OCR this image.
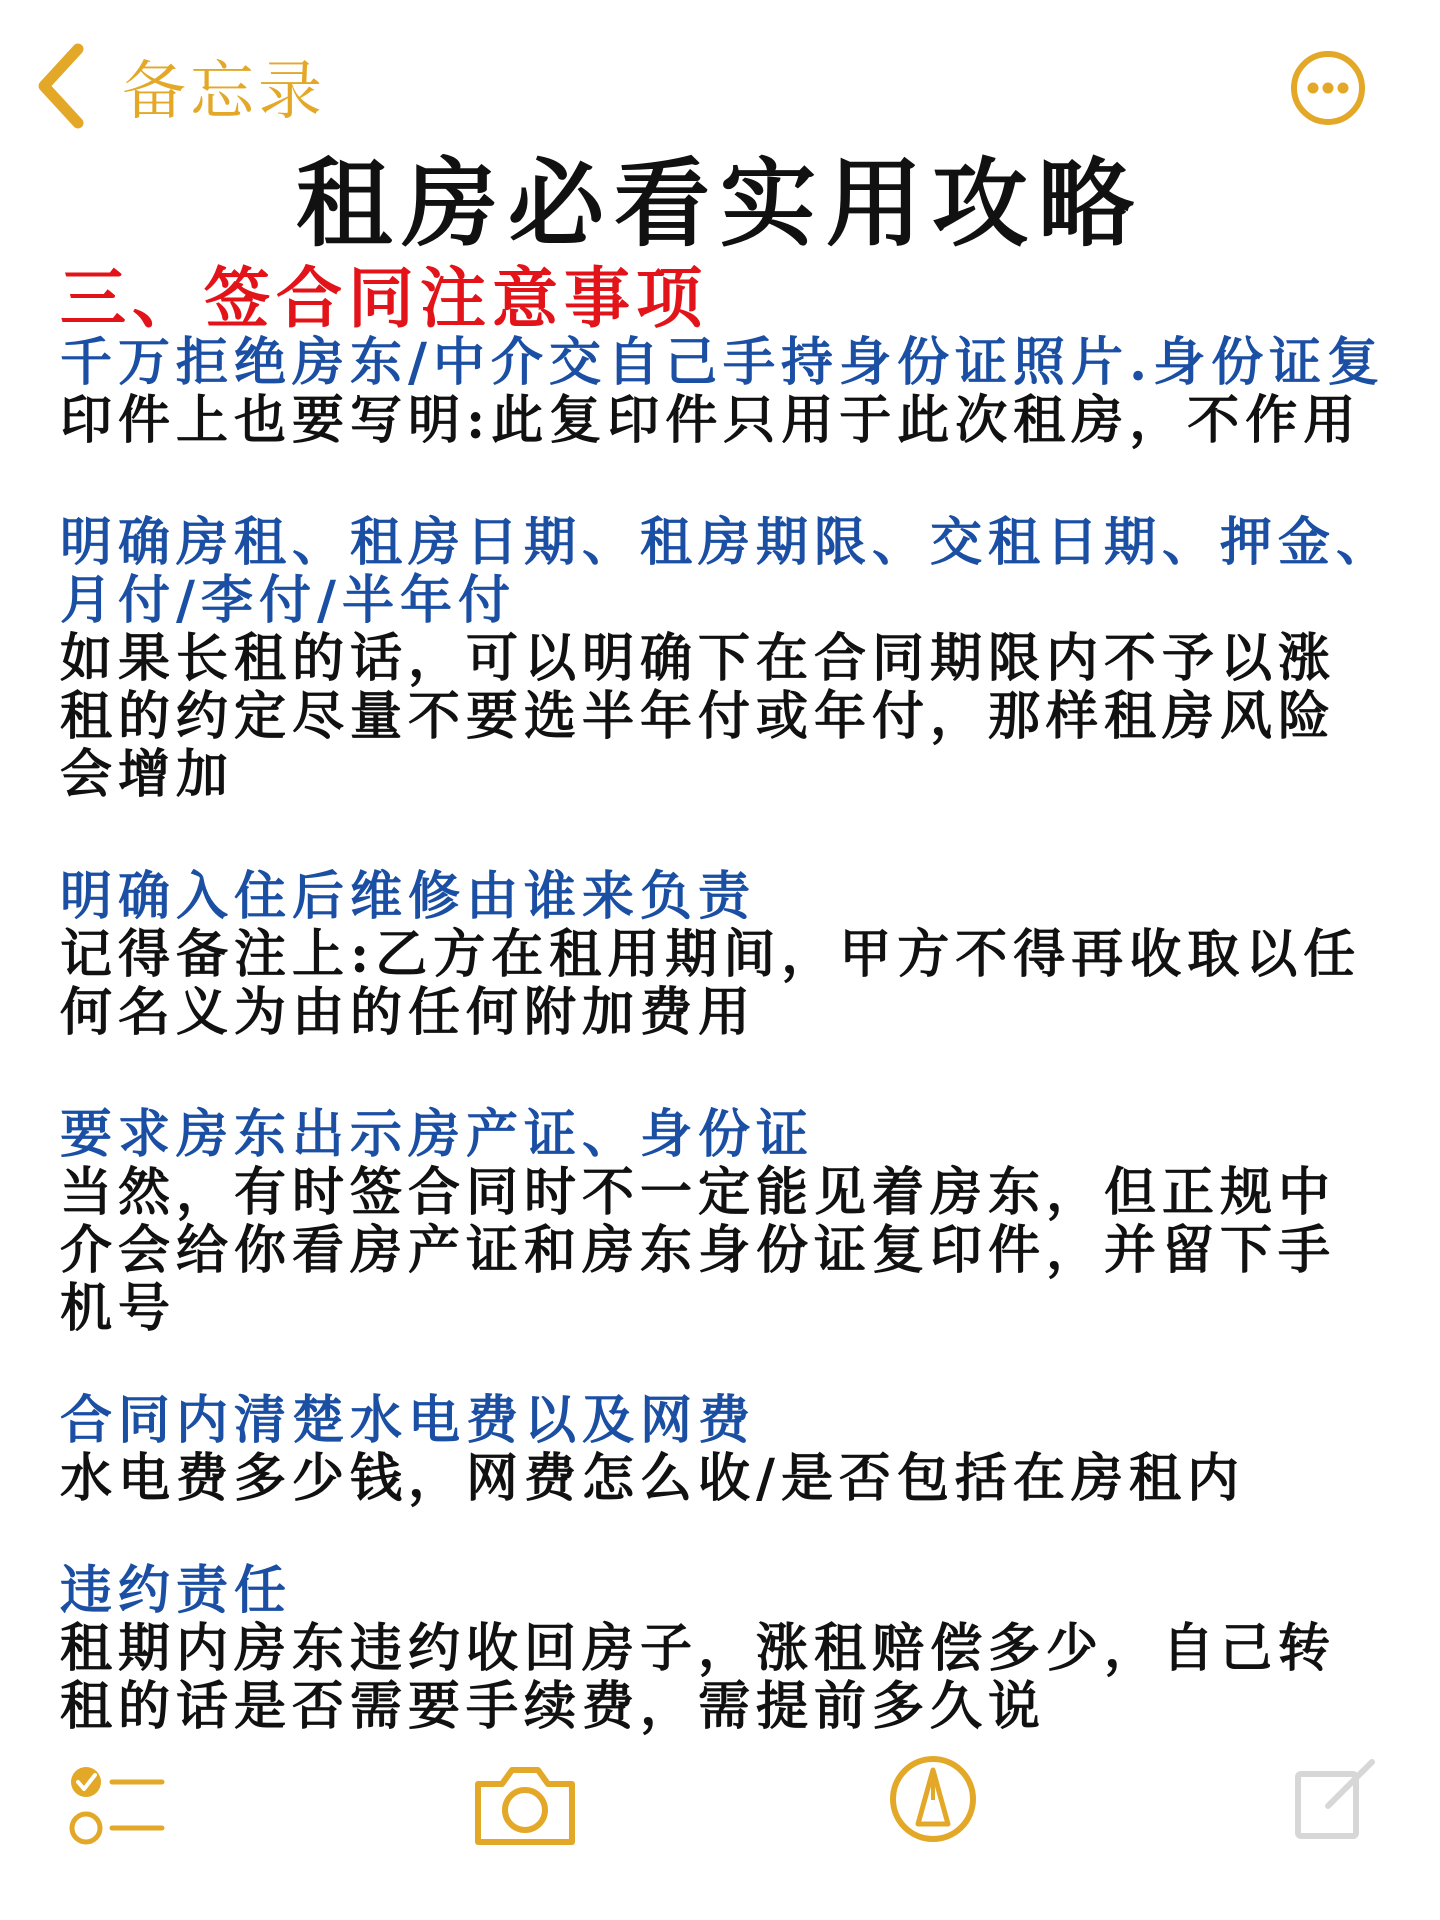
备忘录
租房必看实用攻略
三、签合同注意事项
千万拒绝房东/中介交自己手持身份证照片.身份证复
印件上也要写明:此复印件只用于此次租房，不作用
明确房租、租房日期、租房期限、交租日期、押金、
月付/李付/半年付
如果长租的话，可以明确下在合同期限内不予以涨
租的约定尽量不要选半年付或年付，那样租房风险
会增加
明确入住后维修由谁来负责
记得备注上:乙方在租用期间，甲方不得再收取以任
何名义为由的任何附加费用
要求房东出示房产证、身份证
当然，有时签合同时不一定能见着房东，但正规中
介会给你看房产证和房东身份证复印件，并留下手
机号
合同内清楚水电费以及网费
水电费多少钱，网费怎么收/是否包括在房租内
违约责任
租期内房东违约收回房子，涨租赔偿多少，自己转
租的话是否需要手续费，需提前多久说
